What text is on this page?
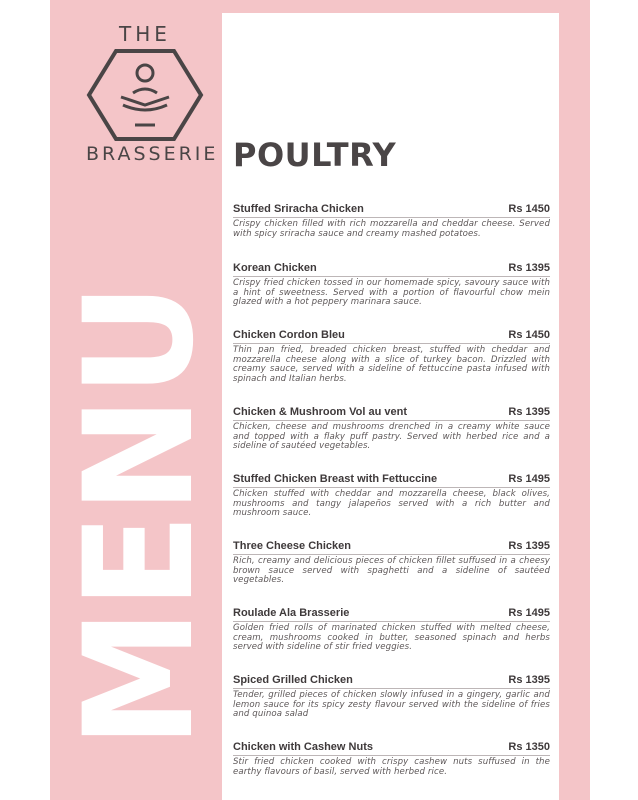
THE
BRASSERIE
MENU
POULTRY
Stuffed Sriracha Chicken	Rs 1450
Crispy chicken filled with rich mozzarella and cheddar cheese. Served with spicy sriracha sauce and creamy mashed potatoes.
Korean Chicken	Rs 1395
Crispy fried chicken tossed in our homemade spicy, savoury sauce with a hint of sweetness. Served with a portion of flavourful chow mein glazed with a hot peppery marinara sauce.
Chicken Cordon Bleu	Rs 1450
Thin pan fried, breaded chicken breast, stuffed with cheddar and mozzarella cheese along with a slice of turkey bacon. Drizzled with creamy sauce, served with a sideline of fettuccine pasta infused with spinach and Italian herbs.
Chicken & Mushroom Vol au vent	Rs 1395
Chicken, cheese and mushrooms drenched in a creamy white sauce and topped with a flaky puff pastry. Served with herbed rice and a sideline of sautéed vegetables.
Stuffed Chicken Breast with Fettuccine	Rs 1495
Chicken stuffed with cheddar and mozzarella cheese, black olives, mushrooms and tangy jalapeños served with a rich butter and mushroom sauce.
Three Cheese Chicken	Rs 1395
Rich, creamy and delicious pieces of chicken fillet suffused in a cheesy brown sauce served with spaghetti and a sideline of sautéed vegetables.
Roulade Ala Brasserie	Rs 1495
Golden fried rolls of marinated chicken stuffed with melted cheese, cream, mushrooms cooked in butter, seasoned spinach and herbs served with sideline of stir fried veggies.
Spiced Grilled Chicken	Rs 1395
Tender, grilled pieces of chicken slowly infused in a gingery, garlic and lemon sauce for its spicy zesty flavour served with the sideline of fries and quinoa salad
Chicken with Cashew Nuts	Rs 1350
Stir fried chicken cooked with crispy cashew nuts suffused in the earthy flavours of basil, served with herbed rice.
